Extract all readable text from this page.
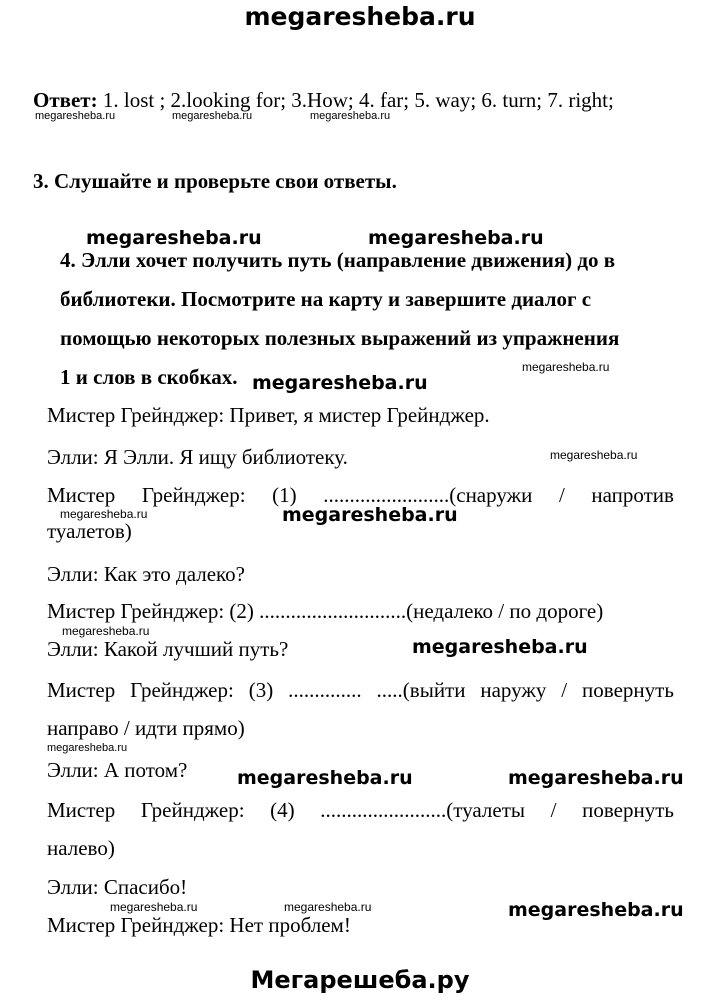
megaresheba.ru
Ответ: 1. lost ; 2.looking for; 3.How; 4. far; 5. way; 6. turn; 7. right;
megaresheba.ru	megaresheba.ru	megaresheba.ru
3. Слушайте и проверьте свои ответы.
megaresheba.ru	megaresheba.ru
4. Элли хочет получить путь (направление движения) до в
библиотеки. Посмотрите на карту и завершите диалог с
помощью некоторых полезных выражений из упражнения
megaresheba.ru
1 и слов в скобках. megaresheba.ru
Мистер Грейнджер: Привет, я мистер Грейнджер.
Элли: Я Элли. Я ищу библиотеку.	megaresheba.ru
Мистер Грейнджер: (1) ........................(снаружи / напротив
megaresheba.ru	megaresheba.ru
туалетов)
Элли: Как это далеко?
Мистер Грейнджер: (2) ............................(недалеко / по дороге)
megaresheba.ru
megaresheba.ru
Элли: Какой лучший путь?
Мистер Грейнджер: (3) .............. .....(выйти наружу / повернуть
направо / идти прямо)
megaresheba.ru
Элли: А потом?	megaresheba.ru	megaresheba.ru
Мистер Грейнджер: (4) ........................(туалеты / повернуть
налево)
Элли: Спасибо!
megaresheba.ru	megaresheba.ru	megaresheba.ru
Мистер Грейнджер: Нет проблем!
Мегарешеба.ру
